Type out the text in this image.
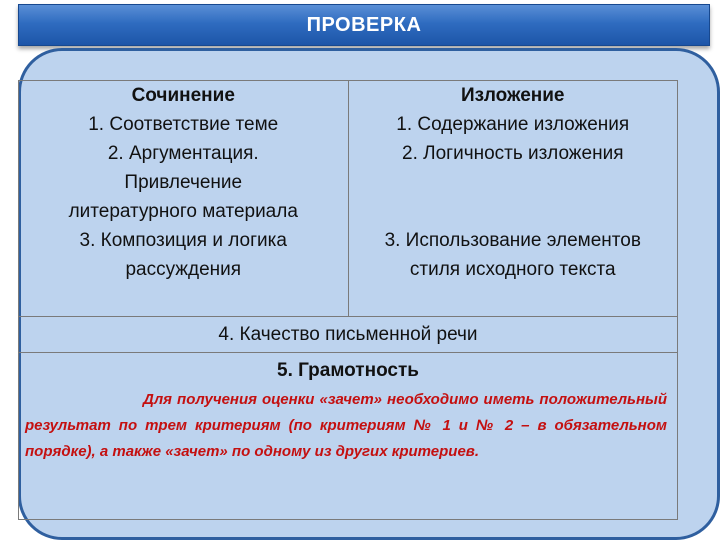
ПРОВЕРКА
Сочинение
1. Соответствие теме
2. Аргументация.
Привлечение
литературного материала
3. Композиция и логика
рассуждения

Изложение
1. Содержание изложения
2. Логичность изложения
3. Использование элементов
стиля исходного текста

4. Качество письменной речи

5. Грамотность
Для получения оценки «зачет» необходимо иметь положительный результат по трем критериям (по критериям № 1 и № 2 – в обязательном порядке), а также «зачет» по одному из других критериев.
